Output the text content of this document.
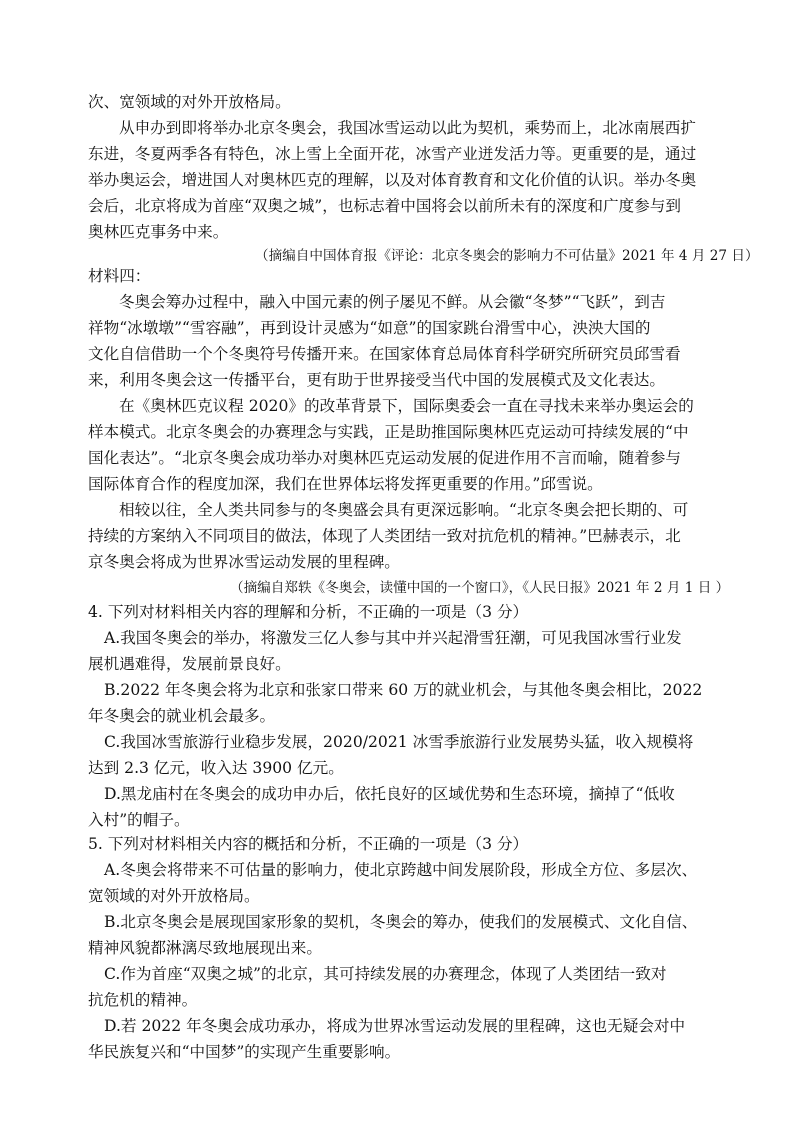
次、宽领域的对外开放格局。
从申办到即将举办北京冬奥会，我国冰雪运动以此为契机，乘势而上，北冰南展西扩
东进，冬夏两季各有特色，冰上雪上全面开花，冰雪产业迸发活力等。更重要的是，通过
举办奥运会，增进国人对奥林匹克的理解，以及对体育教育和文化价值的认识。举办冬奥
会后，北京将成为首座“双奥之城”，也标志着中国将会以前所未有的深度和广度参与到
奥林匹克事务中来。
（摘编自中国体育报《评论：北京冬奥会的影响力不可估量》2021 年 4 月 27 日）
材料四：
冬奥会筹办过程中，融入中国元素的例子屡见不鲜。从会徽“冬梦”“飞跃”，到吉
祥物“冰墩墩”“雪容融”，再到设计灵感为“如意”的国家跳台滑雪中心，泱泱大国的
文化自信借助一个个冬奥符号传播开来。在国家体育总局体育科学研究所研究员邱雪看
来，利用冬奥会这一传播平台，更有助于世界接受当代中国的发展模式及文化表达。
在《奥林匹克议程 2020》的改革背景下，国际奥委会一直在寻找未来举办奥运会的
样本模式。北京冬奥会的办赛理念与实践，正是助推国际奥林匹克运动可持续发展的“中
国化表达”。“北京冬奥会成功举办对奥林匹克运动发展的促进作用不言而喻，随着参与
国际体育合作的程度加深，我们在世界体坛将发挥更重要的作用。”邱雪说。
相较以往，全人类共同参与的冬奥盛会具有更深远影响。“北京冬奥会把长期的、可
持续的方案纳入不同项目的做法，体现了人类团结一致对抗危机的精神。”巴赫表示，北
京冬奥会将成为世界冰雪运动发展的里程碑。
（摘编自郑轶《冬奥会，读懂中国的一个窗口》，《人民日报》2021 年 2 月 1 日 ）
4. 下列对材料相关内容的理解和分析，不正确的一项是（3 分）
A.我国冬奥会的举办，将激发三亿人参与其中并兴起滑雪狂潮，可见我国冰雪行业发
展机遇难得，发展前景良好。
B.2022 年冬奥会将为北京和张家口带来 60 万的就业机会，与其他冬奥会相比，2022
年冬奥会的就业机会最多。
C.我国冰雪旅游行业稳步发展，2020/2021 冰雪季旅游行业发展势头猛，收入规模将
达到 2.3 亿元，收入达 3900 亿元。
D.黑龙庙村在冬奥会的成功申办后，依托良好的区域优势和生态环境，摘掉了“低收
入村”的帽子。
5. 下列对材料相关内容的概括和分析，不正确的一项是（3 分）
A.冬奥会将带来不可估量的影响力，使北京跨越中间发展阶段，形成全方位、多层次、
宽领域的对外开放格局。
B.北京冬奥会是展现国家形象的契机，冬奥会的筹办，使我们的发展模式、文化自信、
精神风貌都淋漓尽致地展现出来。
C.作为首座“双奥之城”的北京，其可持续发展的办赛理念，体现了人类团结一致对
抗危机的精神。
D.若 2022 年冬奥会成功承办，将成为世界冰雪运动发展的里程碑，这也无疑会对中
华民族复兴和“中国梦”的实现产生重要影响。
